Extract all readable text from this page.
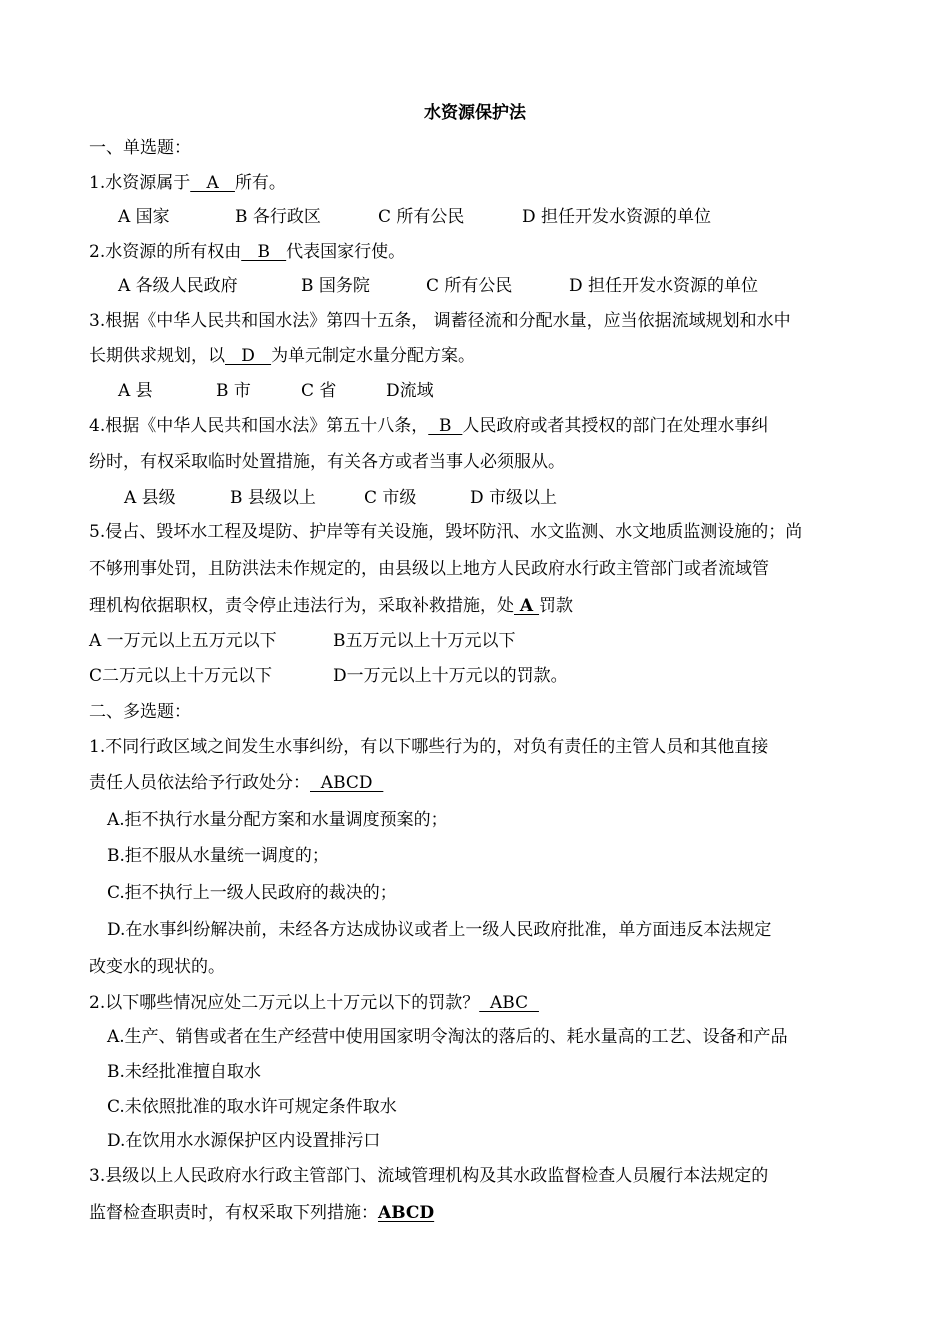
水资源保护法
一、单选题：
1.水资源属于   A   所有。
A 国家	B 各行政区	C 所有公民	D 担任开发水资源的单位
2.水资源的所有权由   B   代表国家行使。
A 各级人民政府	B 国务院	C 所有公民	D 担任开发水资源的单位
3.根据《中华人民共和国水法》第四十五条， 调蓄径流和分配水量，应当依据流域规划和水中
长期供求规划，以   D   为单元制定水量分配方案。
A 县	B 市	C 省	D流域
4.根据《中华人民共和国水法》第五十八条，  B  人民政府或者其授权的部门在处理水事纠
纷时，有权采取临时处置措施，有关各方或者当事人必须服从。
A 县级	B 县级以上	C 市级	D 市级以上
5.侵占、毁坏水工程及堤防、护岸等有关设施，毁坏防汛、水文监测、水文地质监测设施的；尚
不够刑事处罚，且防洪法未作规定的，由县级以上地方人民政府水行政主管部门或者流域管
理机构依据职权，责令停止违法行为，采取补救措施，处 A 罚款
A 一万元以上五万元以下	B五万元以上十万元以下
C二万元以上十万元以下	D一万元以上十万元以的罚款。
二、多选题：
1.不同行政区域之间发生水事纠纷，有以下哪些行为的，对负有责任的主管人员和其他直接
责任人员依法给予行政处分：  ABCD
A.拒不执行水量分配方案和水量调度预案的；
B.拒不服从水量统一调度的；
C.拒不执行上一级人民政府的裁决的；
D.在水事纠纷解决前，未经各方达成协议或者上一级人民政府批准，单方面违反本法规定
改变水的现状的。
2.以下哪些情况应处二万元以上十万元以下的罚款？  ABC
A.生产、销售或者在生产经营中使用国家明令淘汰的落后的、耗水量高的工艺、设备和产品
B.未经批准擅自取水
C.未依照批准的取水许可规定条件取水
D.在饮用水水源保护区内设置排污口
3.县级以上人民政府水行政主管部门、流域管理机构及其水政监督检查人员履行本法规定的
监督检查职责时，有权采取下列措施：ABCD
